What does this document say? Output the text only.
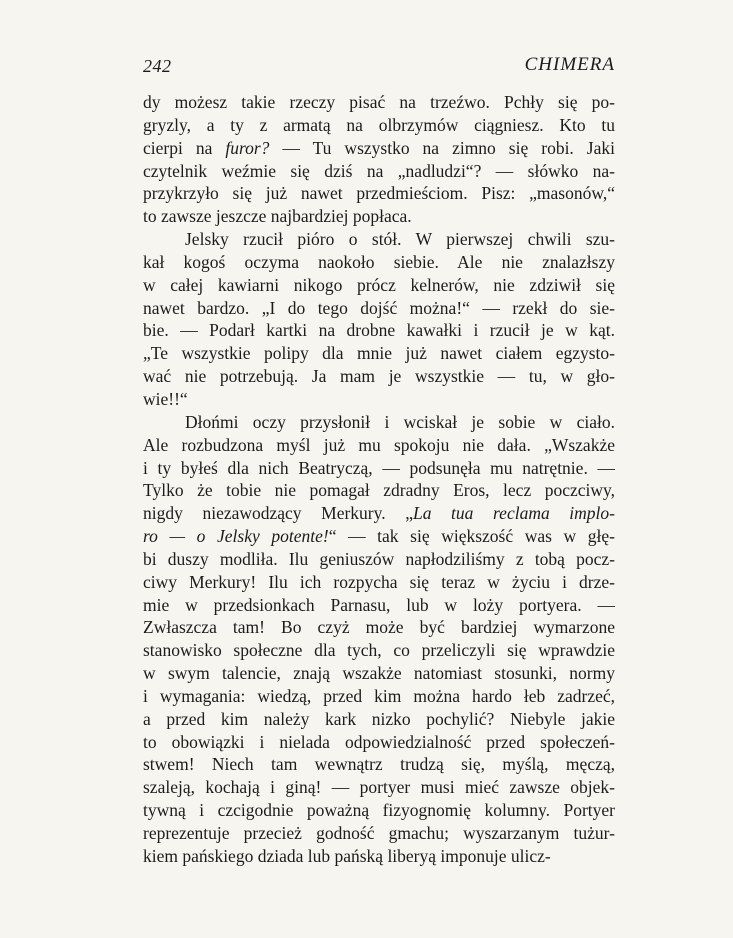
242	CHIMERA
dy możesz takie rzeczy pisać na trzeźwo. Pchły się po-
gryzly, a ty z armatą na olbrzymów ciągniesz. Kto tu
cierpi na furor? — Tu wszystko na zimno się robi. Jaki
czytelnik weźmie się dziś na „nadludzi“? — słówko na-
przykrzyło się już nawet przedmieściom. Pisz: „masonów,“
to zawsze jeszcze najbardziej popłaca.
Jelsky rzucił pióro o stół. W pierwszej chwili szu-
kał kogoś oczyma naokoło siebie. Ale nie znalazłszy
w całej kawiarni nikogo prócz kelnerów, nie zdziwił się
nawet bardzo. „I do tego dojść można!“ — rzekł do sie-
bie. — Podarł kartki na drobne kawałki i rzucił je w kąt.
„Te wszystkie polipy dla mnie już nawet ciałem egzysto-
wać nie potrzebują. Ja mam je wszystkie — tu, w gło-
wie!!“
Dłońmi oczy przysłonił i wciskał je sobie w ciało.
Ale rozbudzona myśl już mu spokoju nie dała. „Wszakże
i ty byłeś dla nich Beatryczą, — podsunęła mu natrętnie. —
Tylko że tobie nie pomagał zdradny Eros, lecz poczciwy,
nigdy niezawodzący Merkury. „La tua reclama implo-
ro — o Jelsky potente!“ — tak się większość was w głę-
bi duszy modliła. Ilu geniuszów napłodziliśmy z tobą pocz-
ciwy Merkury! Ilu ich rozpycha się teraz w życiu i drze-
mie w przedsionkach Parnasu, lub w loży portyera. —
Zwłaszcza tam! Bo czyż może być bardziej wymarzone
stanowisko społeczne dla tych, co przeliczyli się wprawdzie
w swym talencie, znają wszakże natomiast stosunki, normy
i wymagania: wiedzą, przed kim można hardo łeb zadrzeć,
a przed kim należy kark nizko pochylić? Niebyle jakie
to obowiązki i nielada odpowiedzialność przed społeczeń-
stwem! Niech tam wewnątrz trudzą się, myślą, męczą,
szaleją, kochają i giną! — portyer musi mieć zawsze objek-
tywną i czcigodnie poważną fizyognomię kolumny. Portyer
reprezentuje przecież godność gmachu; wyszarzanym tużur-
kiem pańskiego dziada lub pańską liberyą imponuje ulicz-
